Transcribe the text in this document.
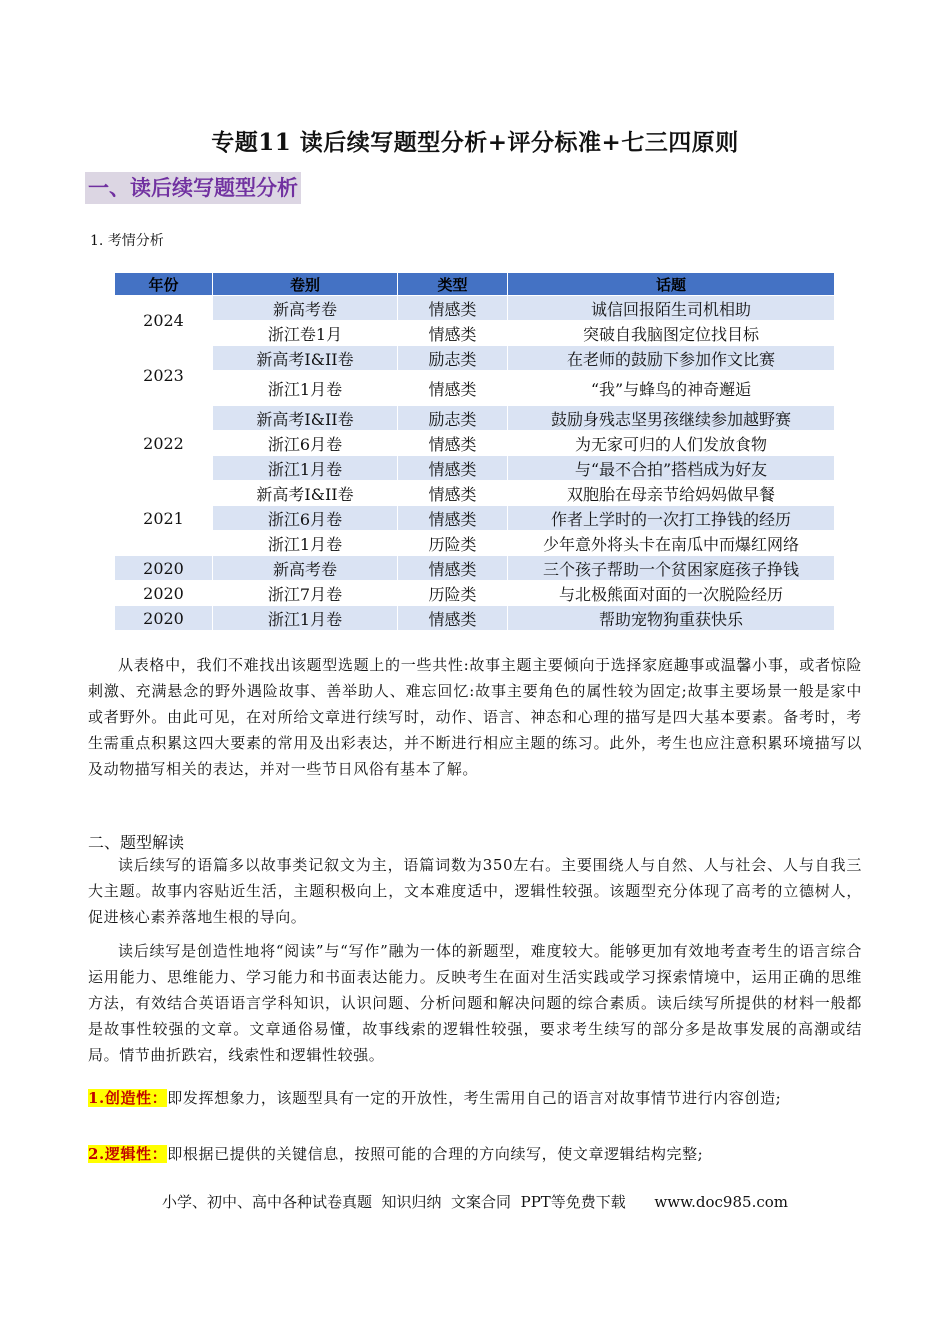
专题11 读后续写题型分析+评分标准+七三四原则
一、读后续写题型分析
1. 考情分析
年份	卷别	类型	话题
2024	新高考卷	情感类	诚信回报陌生司机相助
	浙江卷1月	情感类	突破自我脑图定位找目标
2023	新高考I&II卷	励志类	在老师的鼓励下参加作文比赛
	浙江1月卷	情感类	“我”与蜂鸟的神奇邂逅
2022	新高考I&II卷	励志类	鼓励身残志坚男孩继续参加越野赛
	浙江6月卷	情感类	为无家可归的人们发放食物
	浙江1月卷	情感类	与“最不合拍”搭档成为好友
2021	新高考I&II卷	情感类	双胞胎在母亲节给妈妈做早餐
	浙江6月卷	情感类	作者上学时的一次打工挣钱的经历
	浙江1月卷	历险类	少年意外将头卡在南瓜中而爆红网络
2020	新高考卷	情感类	三个孩子帮助一个贫困家庭孩子挣钱
2020	浙江7月卷	历险类	与北极熊面对面的一次脱险经历
2020	浙江1月卷	情感类	帮助宠物狗重获快乐

从表格中，我们不难找出该题型选题上的一些共性:故事主题主要倾向于选择家庭趣事或温馨小事，或者惊险刺激、充满悬念的野外遇险故事、善举助人、难忘回忆:故事主要角色的属性较为固定;故事主要场景一般是家中或者野外。由此可见，在对所给文章进行续写时，动作、语言、神态和心理的描写是四大基本要素。备考时，考生需重点积累这四大要素的常用及出彩表达，并不断进行相应主题的练习。此外，考生也应注意积累环境描写以及动物描写相关的表达，并对一些节日风俗有基本了解。

二、题型解读

读后续写的语篇多以故事类记叙文为主，语篇词数为350左右。主要围绕人与自然、人与社会、人与自我三大主题。故事内容贴近生活，主题积极向上，文本难度适中，逻辑性较强。该题型充分体现了高考的立德树人，促进核心素养落地生根的导向。

读后续写是创造性地将“阅读”与“写作”融为一体的新题型，难度较大。能够更加有效地考查考生的语言综合运用能力、思维能力、学习能力和书面表达能力。反映考生在面对生活实践或学习探索情境中，运用正确的思维方法，有效结合英语语言学科知识，认识问题、分析问题和解决问题的综合素质。读后续写所提供的材料一般都是故事性较强的文章。文章通俗易懂，故事线索的逻辑性较强，要求考生续写的部分多是故事发展的高潮或结局。情节曲折跌宕，线索性和逻辑性较强。

1.创造性：即发挥想象力，该题型具有一定的开放性，考生需用自己的语言对故事情节进行内容创造;

2.逻辑性：即根据已提供的关键信息，按照可能的合理的方向续写，使文章逻辑结构完整;

小学、初中、高中各种试卷真题  知识归纳  文案合同  PPT等免费下载      www.doc985.com
